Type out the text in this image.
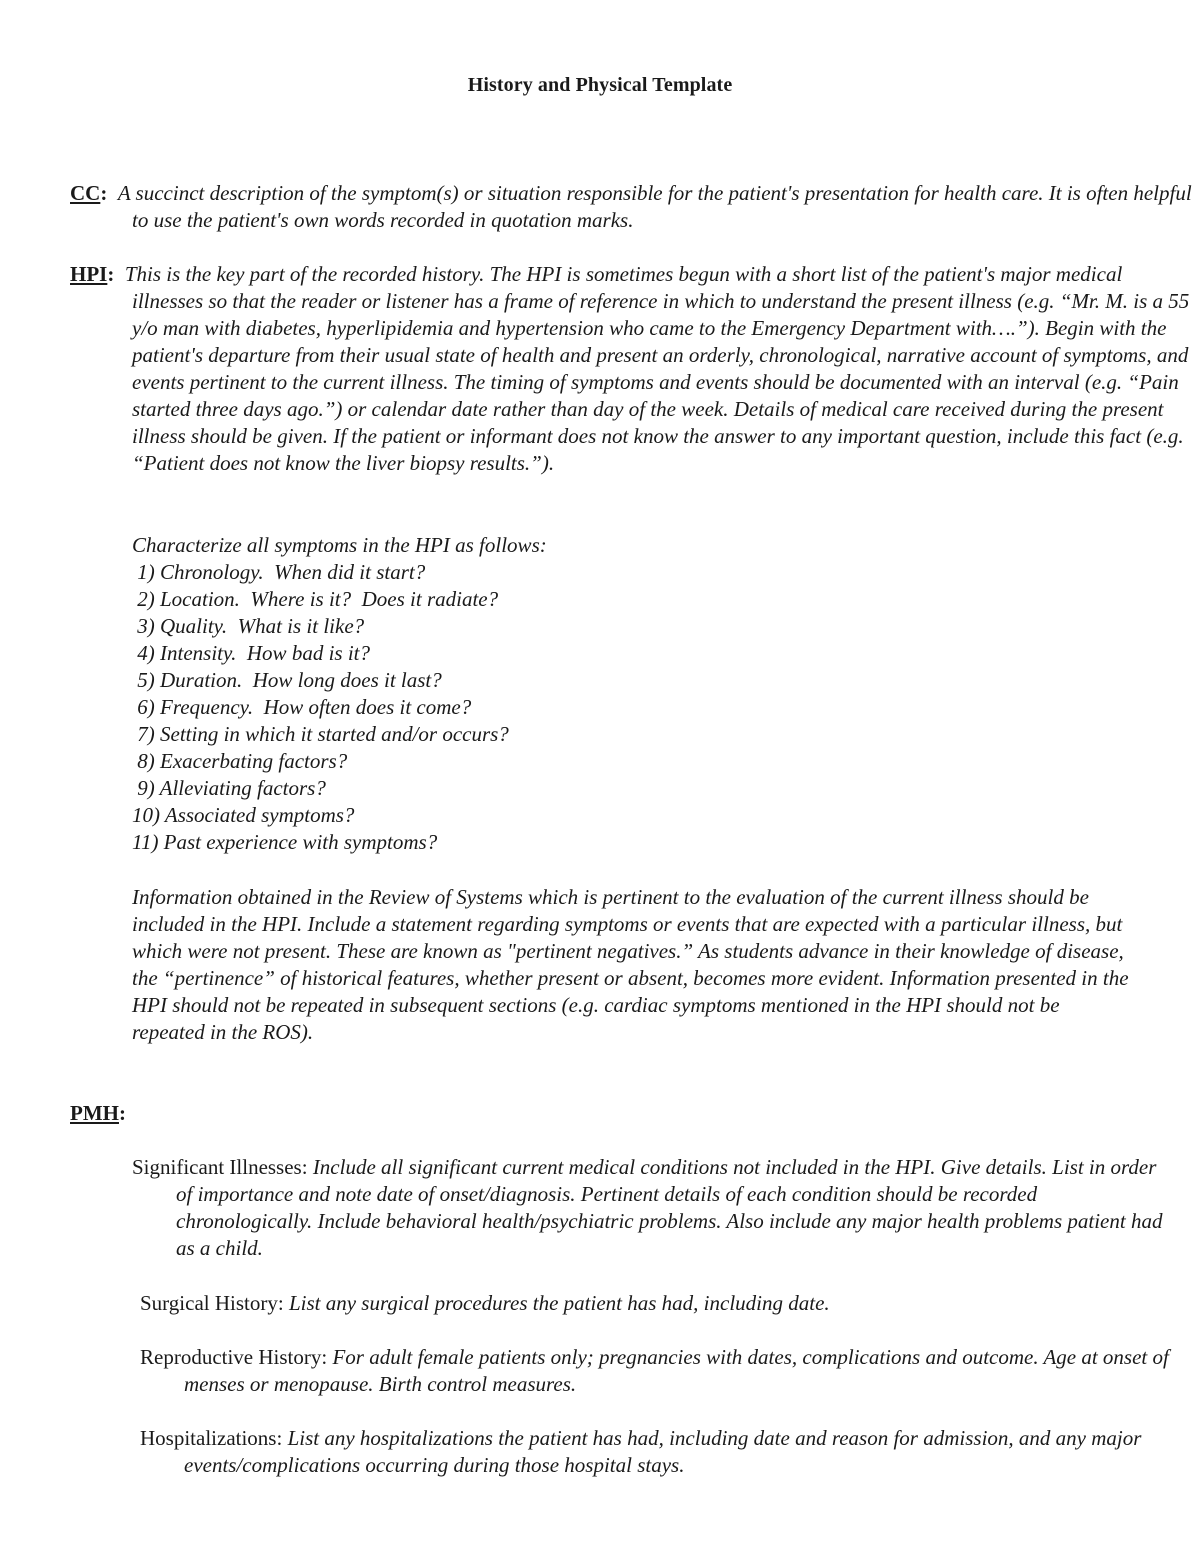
History and Physical Template
CC: A succinct description of the symptom(s) or situation responsible for the patient's presentation for health care. It is often helpful to use the patient's own words recorded in quotation marks.
HPI: This is the key part of the recorded history. The HPI is sometimes begun with a short list of the patient's major medical illnesses so that the reader or listener has a frame of reference in which to understand the present illness (e.g. “Mr. M. is a 55 y/o man with diabetes, hyperlipidemia and hypertension who came to the Emergency Department with….”). Begin with the patient's departure from their usual state of health and present an orderly, chronological, narrative account of symptoms, and events pertinent to the current illness. The timing of symptoms and events should be documented with an interval (e.g. “Pain started three days ago.”) or calendar date rather than day of the week. Details of medical care received during the present illness should be given. If the patient or informant does not know the answer to any important question, include this fact (e.g. “Patient does not know the liver biopsy results.”).
Characterize all symptoms in the HPI as follows:
1) Chronology.  When did it start?
2) Location.  Where is it?  Does it radiate?
3) Quality.  What is it like?
4) Intensity.  How bad is it?
5) Duration.  How long does it last?
6) Frequency.  How often does it come?
7) Setting in which it started and/or occurs?
8) Exacerbating factors?
9) Alleviating factors?
10) Associated symptoms?
11) Past experience with symptoms?
Information obtained in the Review of Systems which is pertinent to the evaluation of the current illness should be included in the HPI. Include a statement regarding symptoms or events that are expected with a particular illness, but which were not present. These are known as "pertinent negatives.” As students advance in their knowledge of disease, the “pertinence” of historical features, whether present or absent, becomes more evident. Information presented in the HPI should not be repeated in subsequent sections (e.g. cardiac symptoms mentioned in the HPI should not be repeated in the ROS).
PMH:
Significant Illnesses: Include all significant current medical conditions not included in the HPI. Give details. List in order of importance and note date of onset/diagnosis. Pertinent details of each condition should be recorded chronologically. Include behavioral health/psychiatric problems. Also include any major health problems patient had as a child.
Surgical History: List any surgical procedures the patient has had, including date.
Reproductive History: For adult female patients only; pregnancies with dates, complications and outcome. Age at onset of menses or menopause. Birth control measures.
Hospitalizations: List any hospitalizations the patient has had, including date and reason for admission, and any major events/complications occurring during those hospital stays.
